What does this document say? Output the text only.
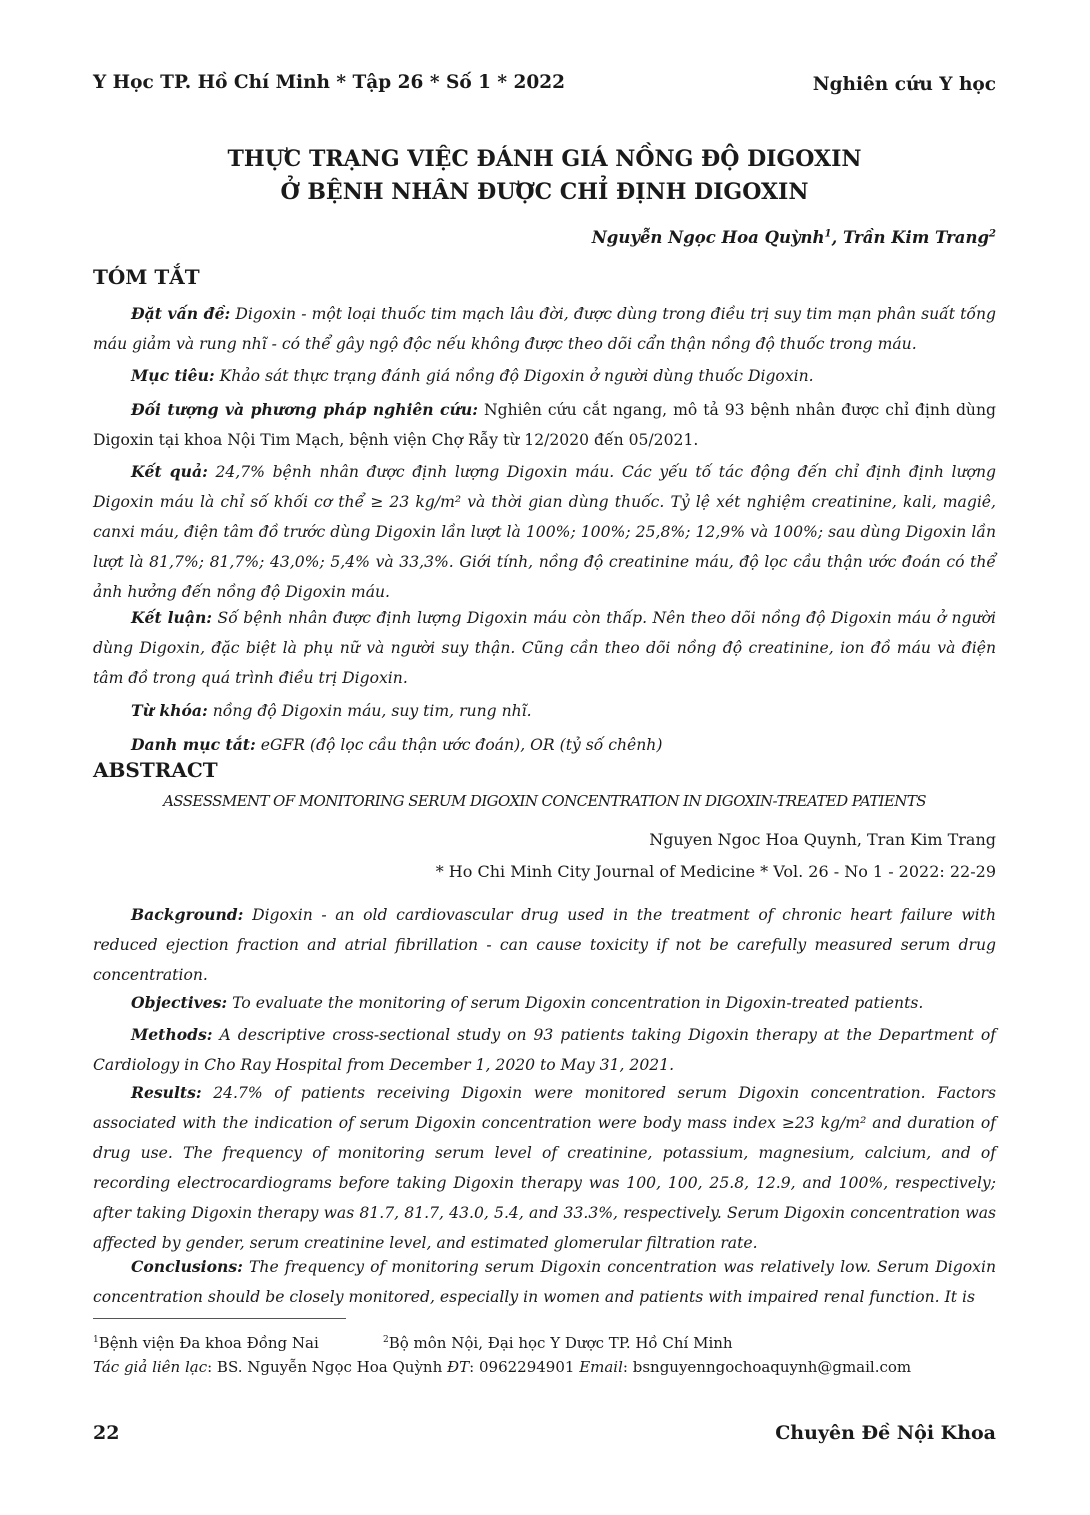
Y Học TP. Hồ Chí Minh * Tập 26 * Số 1 * 2022	Nghiên cứu Y học
THỰC TRẠNG VIỆC ĐÁNH GIÁ NỒNG ĐỘ DIGOXIN
Ở BỆNH NHÂN ĐƯỢC CHỈ ĐỊNH DIGOXIN
Nguyễn Ngọc Hoa Quỳnh$^1$, Trần Kim Trang$^2$
TÓM TẮT

Đặt vấn đề: Digoxin - một loại thuốc tim mạch lâu đời, được dùng trong điều trị suy tim mạn phân suất tống máu giảm và rung nhĩ - có thể gây ngộ độc nếu không được theo dõi cẩn thận nồng độ thuốc trong máu.

Mục tiêu: Khảo sát thực trạng đánh giá nồng độ Digoxin ở người dùng thuốc Digoxin.

Đối tượng và phương pháp nghiên cứu: Nghiên cứu cắt ngang, mô tả 93 bệnh nhân được chỉ định dùng Digoxin tại khoa Nội Tim Mạch, bệnh viện Chợ Rẫy từ 12/2020 đến 05/2021.

Kết quả: 24,7% bệnh nhân được định lượng Digoxin máu. Các yếu tố tác động đến chỉ định định lượng Digoxin máu là chỉ số khối cơ thể ≥ 23 kg/m² và thời gian dùng thuốc. Tỷ lệ xét nghiệm creatinine, kali, magiê, canxi máu, điện tâm đồ trước dùng Digoxin lần lượt là 100%; 100%; 25,8%; 12,9% và 100%; sau dùng Digoxin lần lượt là 81,7%; 81,7%; 43,0%; 5,4% và 33,3%. Giới tính, nồng độ creatinine máu, độ lọc cầu thận ước đoán có thể ảnh hưởng đến nồng độ Digoxin máu.

Kết luận: Số bệnh nhân được định lượng Digoxin máu còn thấp. Nên theo dõi nồng độ Digoxin máu ở người dùng Digoxin, đặc biệt là phụ nữ và người suy thận. Cũng cần theo dõi nồng độ creatinine, ion đồ máu và điện tâm đồ trong quá trình điều trị Digoxin.

Từ khóa: nồng độ Digoxin máu, suy tim, rung nhĩ.

Danh mục tắt: eGFR (độ lọc cầu thận ước đoán), OR (tỷ số chênh)

ABSTRACT
ASSESSMENT OF MONITORING SERUM DIGOXIN CONCENTRATION IN DIGOXIN-TREATED PATIENTS
Nguyen Ngoc Hoa Quynh, Tran Kim Trang
* Ho Chi Minh City Journal of Medicine * Vol. 26 - No 1 - 2022: 22-29

Background: Digoxin - an old cardiovascular drug used in the treatment of chronic heart failure with reduced ejection fraction and atrial fibrillation - can cause toxicity if not be carefully measured serum drug concentration.

Objectives: To evaluate the monitoring of serum Digoxin concentration in Digoxin-treated patients.

Methods: A descriptive cross-sectional study on 93 patients taking Digoxin therapy at the Department of Cardiology in Cho Ray Hospital from December 1, 2020 to May 31, 2021.

Results: 24.7% of patients receiving Digoxin were monitored serum Digoxin concentration. Factors associated with the indication of serum Digoxin concentration were body mass index ≥23 kg/m² and duration of drug use. The frequency of monitoring serum level of creatinine, potassium, magnesium, calcium, and of recording electrocardiograms before taking Digoxin therapy was 100, 100, 25.8, 12.9, and 100%, respectively; after taking Digoxin therapy was 81.7, 81.7, 43.0, 5.4, and 33.3%, respectively. Serum Digoxin concentration was affected by gender, serum creatinine level, and estimated glomerular filtration rate.

Conclusions: The frequency of monitoring serum Digoxin concentration was relatively low. Serum Digoxin concentration should be closely monitored, especially in women and patients with impaired renal function. It is

$^1$Bệnh viện Đa khoa Đồng Nai	$^2$Bộ môn Nội, Đại học Y Dược TP. Hồ Chí Minh
Tác giả liên lạc: BS. Nguyễn Ngọc Hoa Quỳnh ĐT: 0962294901 Email: bsnguyenngochoaquynh@gmail.com
22	Chuyên Đề Nội Khoa
